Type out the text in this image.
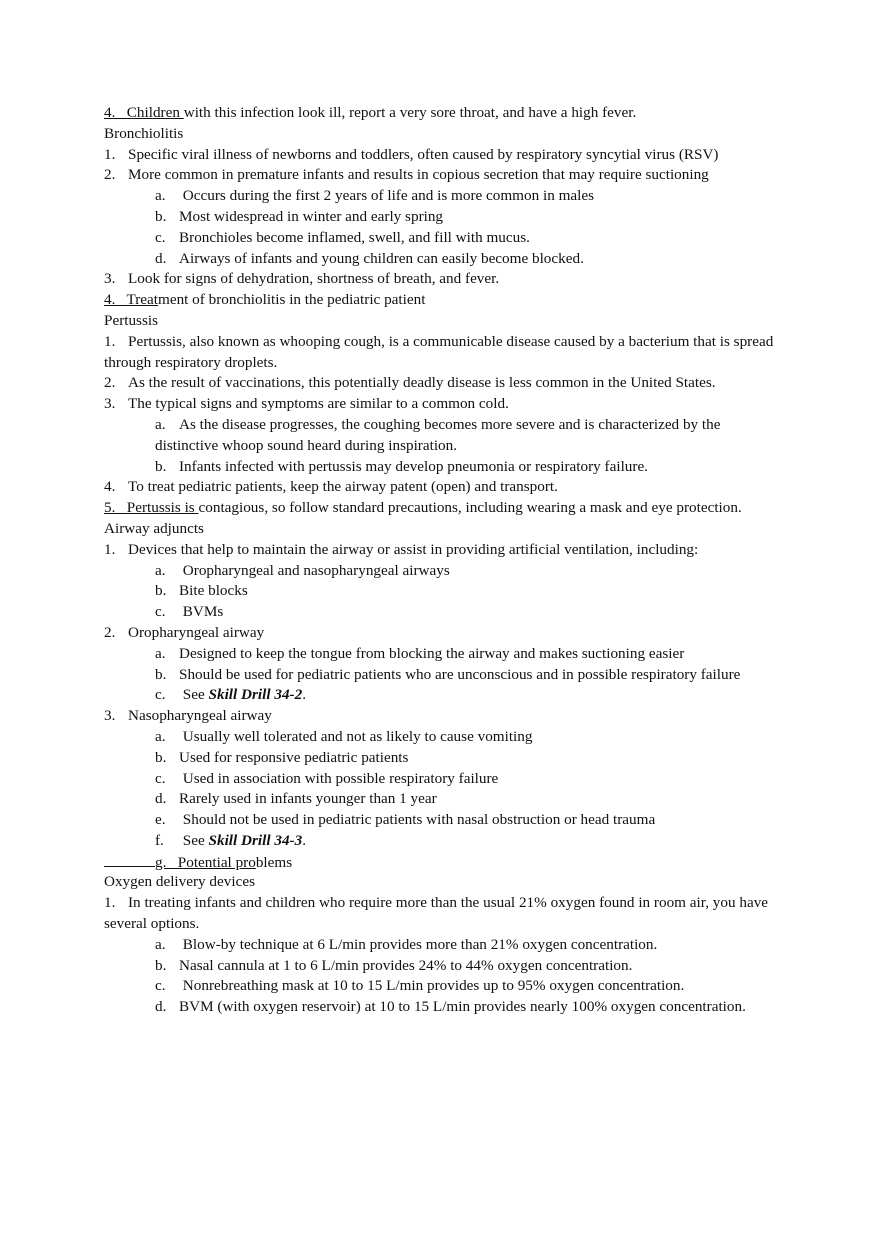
4. Children with this infection look ill, report a very sore throat, and have a high fever.
Bronchiolitis
1. Specific viral illness of newborns and toddlers, often caused by respiratory syncytial virus (RSV)
2. More common in premature infants and results in copious secretion that may require suctioning
a. Occurs during the first 2 years of life and is more common in males
b. Most widespread in winter and early spring
c. Bronchioles become inflamed, swell, and fill with mucus.
d. Airways of infants and young children can easily become blocked.
3. Look for signs of dehydration, shortness of breath, and fever.
4.   Treatment of bronchiolitis in the pediatric patient
Pertussis
1. Pertussis, also known as whooping cough, is a communicable disease caused by a bacterium that is spread through respiratory droplets.
2. As the result of vaccinations, this potentially deadly disease is less common in the United States.
3. The typical signs and symptoms are similar to a common cold.
a. As the disease progresses, the coughing becomes more severe and is characterized by the distinctive whoop sound heard during inspiration.
b. Infants infected with pertussis may develop pneumonia or respiratory failure.
4. To treat pediatric patients, keep the airway patent (open) and transport.
5.   Pertussis is contagious, so follow standard precautions, including wearing a mask and eye protection.
Airway adjuncts
1. Devices that help to maintain the airway or assist in providing artificial ventilation, including:
a. Oropharyngeal and nasopharyngeal airways
b. Bite blocks
c. BVMs
2. Oropharyngeal airway
a. Designed to keep the tongue from blocking the airway and makes suctioning easier
b. Should be used for pediatric patients who are unconscious and in possible respiratory failure
c. See Skill Drill 34-2.
3. Nasopharyngeal airway
a. Usually well tolerated and not as likely to cause vomiting
b. Used for responsive pediatric patients
c. Used in association with possible respiratory failure
d. Rarely used in infants younger than 1 year
e. Should not be used in pediatric patients with nasal obstruction or head trauma
f. See Skill Drill 34-3.
g.   Potential problems
Oxygen delivery devices
1. In treating infants and children who require more than the usual 21% oxygen found in room air, you have several options.
a. Blow-by technique at 6 L/min provides more than 21% oxygen concentration.
b. Nasal cannula at 1 to 6 L/min provides 24% to 44% oxygen concentration.
c. Nonrebreathing mask at 10 to 15 L/min provides up to 95% oxygen concentration.
d. BVM (with oxygen reservoir) at 10 to 15 L/min provides nearly 100% oxygen concentration.
